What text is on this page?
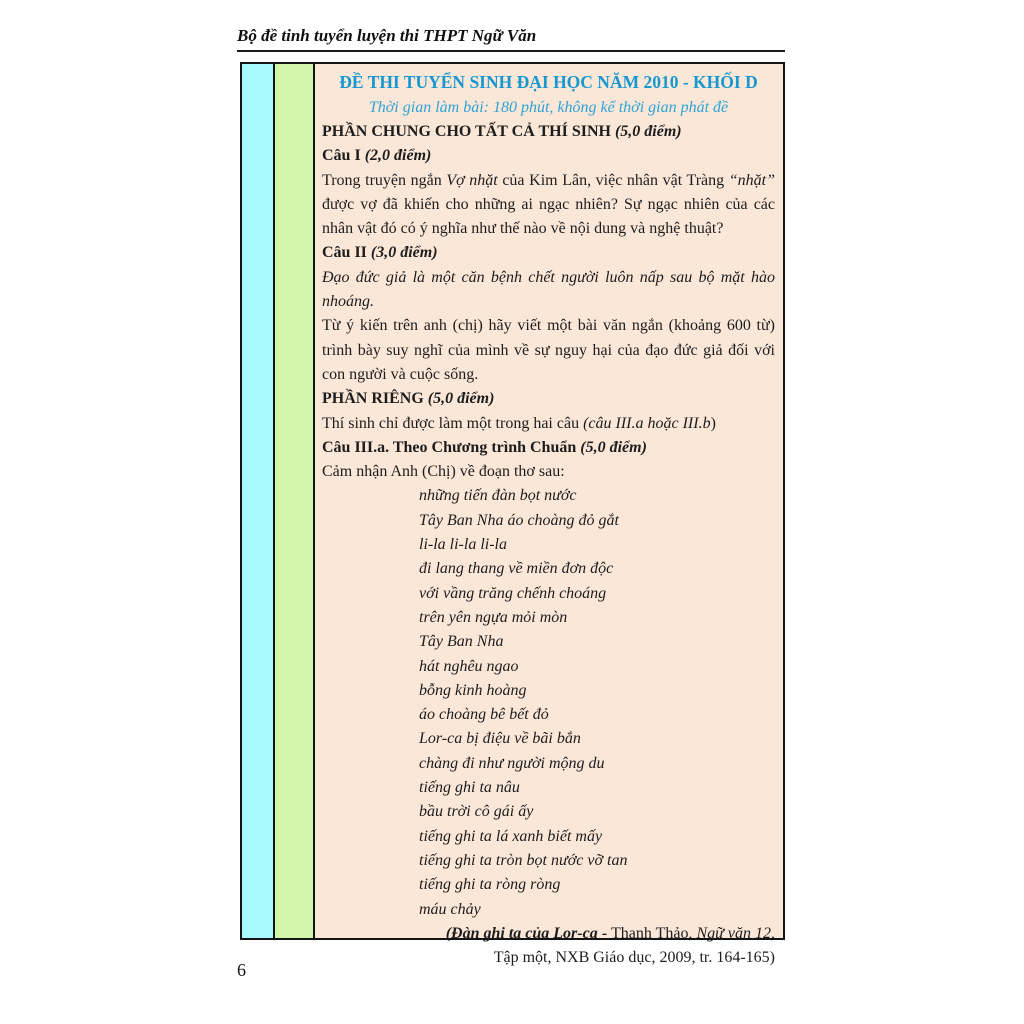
Bộ đề tinh tuyển luyện thi THPT Ngữ Văn
ĐỀ THI TUYỂN SINH ĐẠI HỌC NĂM 2010 - KHỐI D
Thời gian làm bài: 180 phút, không kể thời gian phát đề

PHẦN CHUNG CHO TẤT CẢ THÍ SINH (5,0 điểm)

Câu I (2,0 điểm)

Trong truyện ngắn Vợ nhặt của Kim Lân, việc nhân vật Tràng “nhặt” được vợ đã khiến cho những ai ngạc nhiên? Sự ngạc nhiên của các nhân vật đó có ý nghĩa như thế nào về nội dung và nghệ thuật?

Câu II (3,0 điểm)

Đạo đức giả là một căn bệnh chết người luôn nấp sau bộ mặt hào nhoáng.

Từ ý kiến trên anh (chị) hãy viết một bài văn ngắn (khoảng 600 từ) trình bày suy nghĩ của mình về sự nguy hại của đạo đức giả đối với con người và cuộc sống.

PHẦN RIÊNG (5,0 điểm)

Thí sinh chỉ được làm một trong hai câu (câu III.a hoặc III.b)

Câu III.a. Theo Chương trình Chuẩn (5,0 điểm)

Cảm nhận Anh (Chị) về đoạn thơ sau:

những tiến đàn bọt nước
Tây Ban Nha áo choàng đỏ gắt
li-la li-la li-la
đi lang thang về miền đơn độc
với vầng trăng chếnh choáng
trên yên ngựa mỏi mòn
Tây Ban Nha
hát nghêu ngao
bỗng kinh hoàng
áo choàng bê bết đỏ
Lor-ca bị điệu về bãi bắn
chàng đi như người mộng du
tiếng ghi ta nâu
bầu trời cô gái ấy
tiếng ghi ta lá xanh biết mấy
tiếng ghi ta tròn bọt nước vỡ tan
tiếng ghi ta ròng ròng
máu chảy

(Đàn ghi ta của Lor-ca - Thanh Thảo, Ngữ văn 12,

Tập một, NXB Giáo dục, 2009, tr. 164-165)

6
